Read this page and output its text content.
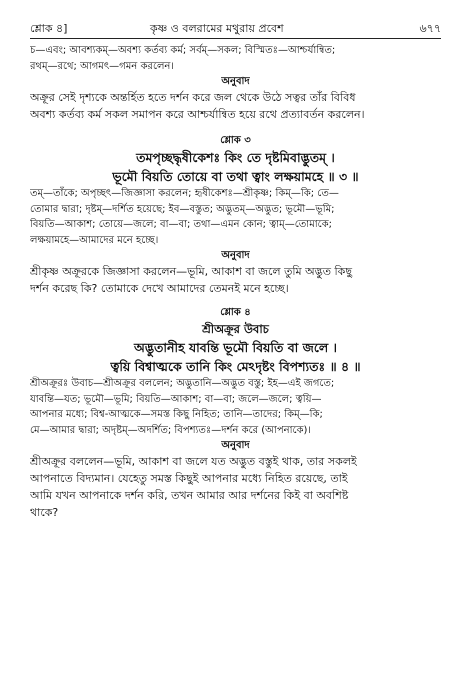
শ্লোক ৪]	কৃষ্ণ ও বলরামের মথুরায় প্রবেশ	৬৭৭
চ—এবং; আবশ্যকম্—অবশ্য কর্তব্য কর্ম; সর্বম্—সকল; বিস্মিতঃ—আশ্চর্যান্বিত;
রথম্—রথে; আগমৎ—গমন করলেন।
অনুবাদ
অক্রূর সেই দৃশ্যকে অন্তর্হিত হতে দর্শন করে জল থেকে উঠে সত্বর তাঁর বিবিধ
অবশ্য কর্তব্য কর্ম সকল সমাপন করে আশ্চর্যান্বিত হয়ে রথে প্রত্যাবর্তন করলেন।
শ্লোক ৩
তমপৃচ্ছদ্ধৃষীকেশঃ কিং তে দৃষ্টমিবাদ্ভুতম্ ।
ভূমৌ বিয়তি তোয়ে বা তথা ত্বাং লক্ষয়ামহে ॥ ৩ ॥
তম্—তাঁকে; অপৃচ্ছৎ—জিজ্ঞাসা করলেন; হৃষীকেশঃ—শ্রীকৃষ্ণ; কিম্—কি; তে—
তোমার দ্বারা; দৃষ্টম্—দর্শিত হয়েছে; ইব—বস্তুত; অদ্ভুতম্—অদ্ভুত; ভূমৌ—ভূমি;
বিয়তি—আকাশ; তোয়ে—জলে; বা—বা; তথা—এমন কোন; ত্বাম্—তোমাকে;
লক্ষয়ামহে—আমাদের মনে হচ্ছে।
অনুবাদ
শ্রীকৃষ্ণ অক্রূরকে জিজ্ঞাসা করলেন—ভূমি, আকাশ বা জলে তুমি অদ্ভুত কিছু
দর্শন করেছ কি? তোমাকে দেখে আমাদের তেমনই মনে হচ্ছে।
শ্লোক ৪
শ্রীঅক্রূর উবাচ
অদ্ভুতানীহ যাবন্তি ভূমৌ বিয়তি বা জলে ।
ত্বয়ি বিশ্বাত্মকে তানি কিং মেঽদৃষ্টং বিপশ্যতঃ ॥ ৪ ॥
শ্রীঅক্রূরঃ উবাচ—শ্রীঅক্রূর বললেন; অদ্ভুতানি—অদ্ভুত বস্তু; ইহ—এই জগতে;
যাবন্তি—যত; ভূমৌ—ভূমি; বিয়তি—আকাশ; বা—বা; জলে—জলে; ত্বয়ি—
আপনার মধ্যে; বিশ্ব-আত্মকে—সমস্ত কিছু নিহিত; তানি—তাদের; কিম্—কি;
মে—আমার দ্বারা; অদৃষ্টম্—অদর্শিত; বিপশ্যতঃ—দর্শন করে (আপনাকে)।
অনুবাদ
শ্রীঅক্রূর বললেন—ভূমি, আকাশ বা জলে যত অদ্ভুত বস্তুই থাক, তার সকলই
আপনাতে বিদ্যমান। যেহেতু সমস্ত কিছুই আপনার মধ্যে নিহিত রয়েছে, তাই
আমি যখন আপনাকে দর্শন করি, তখন আমার আর দর্শনের কিই বা অবশিষ্ট
থাকে?
